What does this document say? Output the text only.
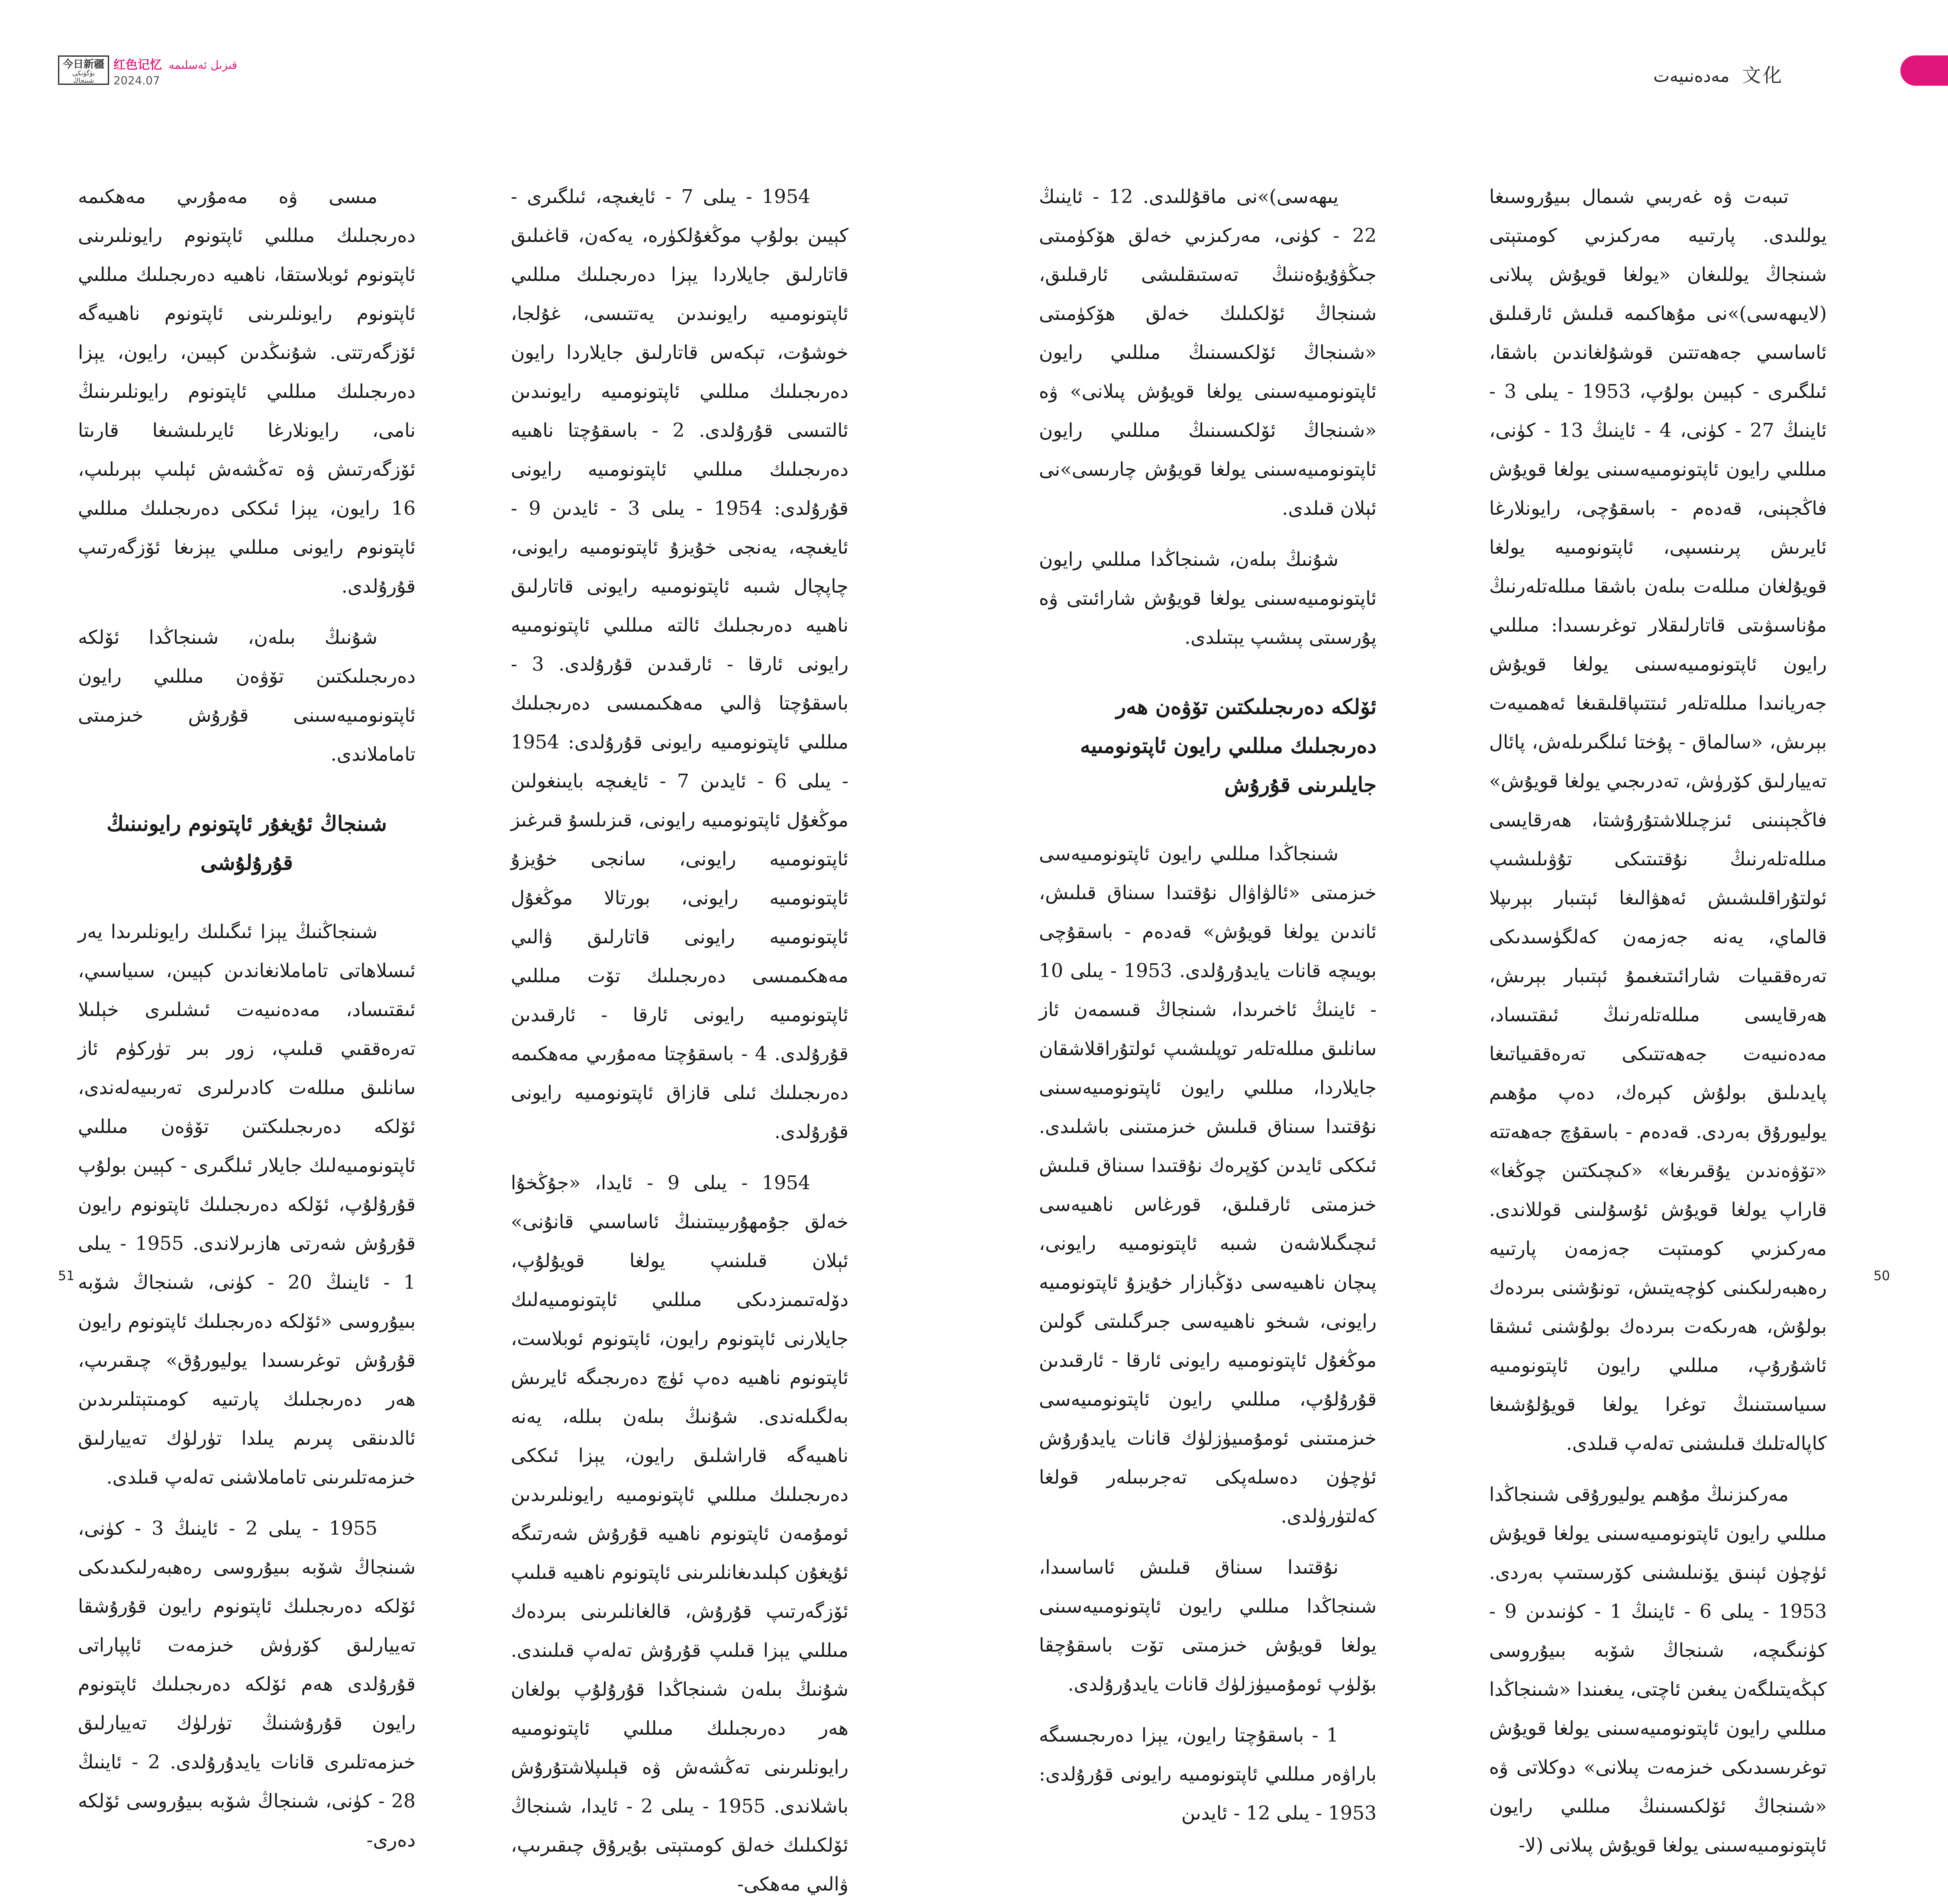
今日新疆
بۈگۈنكى شىنجاڭ
红色记忆 قىزىل ئەسلىمە
2024.07	文化 مەدەنىيەت

تىبەت ۋە غەربىي شىمال بىيۇروسىغا يوللىدى. پارتىيە مەركىزىي كومىتېتى شىنجاڭ يوللىغان «يولغا قويۇش پىلانى (لايىھەسى)»نى مۇھاكىمە قىلىش ئارقىلىق ئاساسىي جەھەتتىن قوشۇلغاندىن باشقا، ئىلگىرى - كېيىن بولۇپ، 1953 - يىلى 3 - ئاينىڭ 27 - كۈنى، 4 - ئاينىڭ 13 - كۈنى، مىللىي رايون ئاپتونومىيەسىنى يولغا قويۇش فاڭجېنى، قەدەم - باسقۇچى، رايونلارغا ئايرىش پرىنسىپى، ئاپتونومىيە يولغا قويۇلغان مىللەت بىلەن باشقا مىللەتلەرنىڭ مۇناسىۋىتى قاتارلىقلار توغرىسىدا: مىللىي رايون ئاپتونومىيەسىنى يولغا قويۇش جەريانىدا مىللەتلەر ئىتتىپاقلىقىغا ئەھمىيەت بېرىش، «سالماق - پۇختا ئىلگىرىلەش، پائال تەييارلىق كۆرۈش، تەدرىجىي يولغا قويۇش» فاڭجېنىنى ئىزچىللاشتۇرۇشتا، ھەرقايسى مىللەتلەرنىڭ نۇقتىتىكى تۇۋىلىشىپ ئولتۇراقلىشىش ئەھۋالىغا ئېتىبار بېرىپلا قالماي، يەنە جەزمەن كەلگۈسىدىكى تەرەققىيات شارائىتىغىمۇ ئېتىبار بېرىش، ھەرقايسى مىللەتلەرنىڭ ئىقتىساد، مەدەنىيەت جەھەتتىكى تەرەققىياتىغا پايدىلىق بولۇش كېرەك، دەپ مۇھىم يوليورۇق بەردى. قەدەم - باسقۇچ جەھەتتە «تۆۋەندىن يۇقىرىغا» «كىچىكتىن چوڭغا» قاراپ يولغا قويۇش ئۇسۇلىنى قوللاندى. مەركىزىي كومىتېت جەزمەن پارتىيە رەھبەرلىكىنى كۈچەيتىش، تونۇشنى بىردەك بولۇش، ھەرىكەت بىردەك بولۇشنى ئىشقا ئاشۇرۇپ، مىللىي رايون ئاپتونومىيە سىياسىتىنىڭ توغرا يولغا قويۇلۇشىغا كاپالەتلىك قىلىشنى تەلەپ قىلدى.

مەركىزنىڭ مۇھىم يوليورۇقى شىنجاڭدا مىللىي رايون ئاپتونومىيەسىنى يولغا قويۇش ئۈچۈن ئېنىق يۆنىلىشنى كۆرسىتىپ بەردى. 1953 - يىلى 6 - ئاينىڭ 1 - كۈنىدىن 9 - كۈنىگىچە، شىنجاڭ شۆبە بىيۇروسى كېڭەيتىلگەن يىغىن ئاچتى، يىغىندا «شىنجاڭدا مىللىي رايون ئاپتونومىيەسىنى يولغا قويۇش توغرىسىدىكى خىزمەت پىلانى» دوكلاتى ۋە «شىنجاڭ ئۆلكىسىنىڭ مىللىي رايون ئاپتونومىيەسىنى يولغا قويۇش پىلانى (لا-

يىھەسى)»نى ماقۇللىدى. 12 - ئاينىڭ 22 - كۈنى، مەركىزىي خەلق ھۆكۈمىتى جىڭۋۇيۇەننىڭ تەستىقلىشى ئارقىلىق، شىنجاڭ ئۆلكىلىك خەلق ھۆكۈمىتى «شىنجاڭ ئۆلكىسىنىڭ مىللىي رايون ئاپتونومىيەسىنى يولغا قويۇش پىلانى» ۋە «شىنجاڭ ئۆلكىسىنىڭ مىللىي رايون ئاپتونومىيەسىنى يولغا قويۇش چارىسى»نى ئېلان قىلدى.

شۇنىڭ بىلەن، شىنجاڭدا مىللىي رايون ئاپتونومىيەسىنى يولغا قويۇش شارائىتى ۋە پۇرسىتى پىشىپ يېتىلدى.

ئۆلكە دەرىجىلىكتىن تۆۋەن ھەر دەرىجىلىك مىللىي رايون ئاپتونومىيە جايلىرىنى قۇرۇش

شىنجاڭدا مىللىي رايون ئاپتونومىيەسى خىزمىتى «ئالۋاۋال نۇقتىدا سىناق قىلىش، ئاندىن يولغا قويۇش» قەدەم - باسقۇچى بويىچە قانات يايدۇرۇلدى. 1953 - يىلى 10 - ئاينىڭ ئاخىرىدا، شىنجاڭ قىسمەن ئاز سانلىق مىللەتلەر توپلىشىپ ئولتۇراقلاشقان جايلاردا، مىللىي رايون ئاپتونومىيەسىنى نۇقتىدا سىناق قىلىش خىزمىتىنى باشلىدى. ئىككى ئايدىن كۆپرەك نۇقتىدا سىناق قىلىش خىزمىتى ئارقىلىق، قورغاس ناھىيەسى ئىچىگىلاشەن شىبە ئاپتونومىيە رايونى، پىچان ناھىيەسى دۆڭبازار خۇيزۇ ئاپتونومىيە رايونى، شىخو ناھىيەسى جىرگىلىتى گولىن موڭغۇل ئاپتونومىيە رايونى ئارقا - ئارقىدىن قۇرۇلۇپ، مىللىي رايون ئاپتونومىيەسى خىزمىتىنى ئومۇمىيۈزلۈك قانات يايدۇرۇش ئۈچۈن دەسلەپكى تەجرىبىلەر قولغا كەلتۈرۈلدى.

نۇقتىدا سىناق قىلىش ئاساسىدا، شىنجاڭدا مىللىي رايون ئاپتونومىيەسىنى يولغا قويۇش خىزمىتى تۆت باسقۇچقا بۆلۈپ ئومۇمىيۈزلۈك قانات يايدۇرۇلدى.

1 - باسقۇچتا رايون، يېزا دەرىجىسىگە باراۋەر مىللىي ئاپتونومىيە رايونى قۇرۇلدى: 1953 - يىلى 12 - ئايدىن

1954 - يىلى 7 - ئايغىچە، ئىلگىرى - كېيىن بولۇپ موڭغۇلكۈرە، يەكەن، قاغىلىق قاتارلىق جايلاردا يېزا دەرىجىلىك مىللىي ئاپتونومىيە رايونىدىن يەتتىسى، غۇلجا، خوشۇت، تېكەس قاتارلىق جايلاردا رايون دەرىجىلىك مىللىي ئاپتونومىيە رايونىدىن ئالتىسى قۇرۇلدى. 2 - باسقۇچتا ناھىيە دەرىجىلىك مىللىي ئاپتونومىيە رايونى قۇرۇلدى: 1954 - يىلى 3 - ئايدىن 9 - ئايغىچە، يەنجى خۇيزۇ ئاپتونومىيە رايونى، چاپچال شىبە ئاپتونومىيە رايونى قاتارلىق ناھىيە دەرىجىلىك ئالتە مىللىي ئاپتونومىيە رايونى ئارقا - ئارقىدىن قۇرۇلدى. 3 - باسقۇچتا ۋالىي مەھكىمىسى دەرىجىلىك مىللىي ئاپتونومىيە رايونى قۇرۇلدى: 1954 - يىلى 6 - ئايدىن 7 - ئايغىچە بايىنغولىن موڭغۇل ئاپتونومىيە رايونى، قىزىلسۇ قىرغىز ئاپتونومىيە رايونى، سانجى خۇيزۇ ئاپتونومىيە رايونى، بورتالا موڭغۇل ئاپتونومىيە رايونى قاتارلىق ۋالىي مەھكىمىسى دەرىجىلىك تۆت مىللىي ئاپتونومىيە رايونى ئارقا - ئارقىدىن قۇرۇلدى. 4 - باسقۇچتا مەمۇرىي مەھكىمە دەرىجىلىك ئىلى قازاق ئاپتونومىيە رايونى قۇرۇلدى.

1954 - يىلى 9 - ئايدا، «جۇڭخۇا خەلق جۇمھۇرىيىتىنىڭ ئاساسىي قانۇنى» ئېلان قىلىنىپ يولغا قويۇلۇپ، دۆلەتىمىزدىكى مىللىي ئاپتونومىيەلىك جايلارنى ئاپتونوم رايون، ئاپتونوم ئوبلاست، ئاپتونوم ناھىيە دەپ ئۈچ دەرىجىگە ئايرىش بەلگىلەندى. شۇنىڭ بىلەن بىللە، يەنە ناھىيەگە قاراشلىق رايون، يېزا ئىككى دەرىجىلىك مىللىي ئاپتونومىيە رايونلىرىدىن ئومۇمەن ئاپتونوم ناھىيە قۇرۇش شەرتىگە ئۇيغۇن كېلىدىغانلىرىنى ئاپتونوم ناھىيە قىلىپ ئۆزگەرتىپ قۇرۇش، قالغانلىرىنى بىردەك مىللىي يېزا قىلىپ قۇرۇش تەلەپ قىلىندى. شۇنىڭ بىلەن شىنجاڭدا قۇرۇلۇپ بولغان ھەر دەرىجىلىك مىللىي ئاپتونومىيە رايونلىرىنى تەڭشەش ۋە قېلىپلاشتۇرۇش باشلاندى. 1955 - يىلى 2 - ئايدا، شىنجاڭ ئۆلكىلىك خەلق كومىتېتى بۇيرۇق چىقىرىپ، ۋالىي مەھكى-

مىسى ۋە مەمۇرىي مەھكىمە دەرىجىلىك مىللىي ئاپتونوم رايونلىرىنى ئاپتونوم ئوبلاستقا، ناھىيە دەرىجىلىك مىللىي ئاپتونوم رايونلىرىنى ئاپتونوم ناھىيەگە ئۆزگەرتتى. شۇنىڭدىن كېيىن، رايون، يېزا دەرىجىلىك مىللىي ئاپتونوم رايونلىرىنىڭ نامى، رايونلارغا ئايرىلىشىغا قارىتا ئۆزگەرتىش ۋە تەڭشەش ئېلىپ بېرىلىپ، 16 رايون، يېزا ئىككى دەرىجىلىك مىللىي ئاپتونوم رايونى مىللىي يېزىغا ئۆزگەرتىپ قۇرۇلدى.

شۇنىڭ بىلەن، شىنجاڭدا ئۆلكە دەرىجىلىكتىن تۆۋەن مىللىي رايون ئاپتونومىيەسىنى قۇرۇش خىزمىتى تاماملاندى.

شىنجاڭ ئۇيغۇر ئاپتونوم رايونىنىڭ قۇرۇلۇشى

شىنجاڭنىڭ يېزا ئىگىلىك رايونلىرىدا يەر ئىسلاھاتى تاماملانغاندىن كېيىن، سىياسىي، ئىقتىساد، مەدەنىيەت ئىشلىرى خېلىلا تەرەققىي قىلىپ، زور بىر تۈركۈم ئاز سانلىق مىللەت كادىرلىرى تەربىيەلەندى، ئۆلكە دەرىجىلىكتىن تۆۋەن مىللىي ئاپتونومىيەلىك جايلار ئىلگىرى - كېيىن بولۇپ قۇرۇلۇپ، ئۆلكە دەرىجىلىك ئاپتونوم رايون قۇرۇش شەرتى ھازىرلاندى. 1955 - يىلى 1 - ئاينىڭ 20 - كۈنى، شىنجاڭ شۆبە بىيۇروسى «ئۆلكە دەرىجىلىك ئاپتونوم رايون قۇرۇش توغرىسىدا يوليورۇق» چىقىرىپ، ھەر دەرىجىلىك پارتىيە كومىتېتلىرىدىن ئالدىنقى پىرىم يىلدا تۈرلۈك تەييارلىق خىزمەتلىرىنى تاماملاشنى تەلەپ قىلدى.

1955 - يىلى 2 - ئاينىڭ 3 - كۈنى، شىنجاڭ شۆبە بىيۇروسى رەھبەرلىكىدىكى ئۆلكە دەرىجىلىك ئاپتونوم رايون قۇرۇشقا تەييارلىق كۆرۈش خىزمەت ئاپپاراتى قۇرۇلدى ھەم ئۆلكە دەرىجىلىك ئاپتونوم رايون قۇرۇشنىڭ تۈرلۈك تەييارلىق خىزمەتلىرى قانات يايدۇرۇلدى. 2 - ئاينىڭ 28 - كۈنى، شىنجاڭ شۆبە بىيۇروسى ئۆلكە دەرى-

51	50
